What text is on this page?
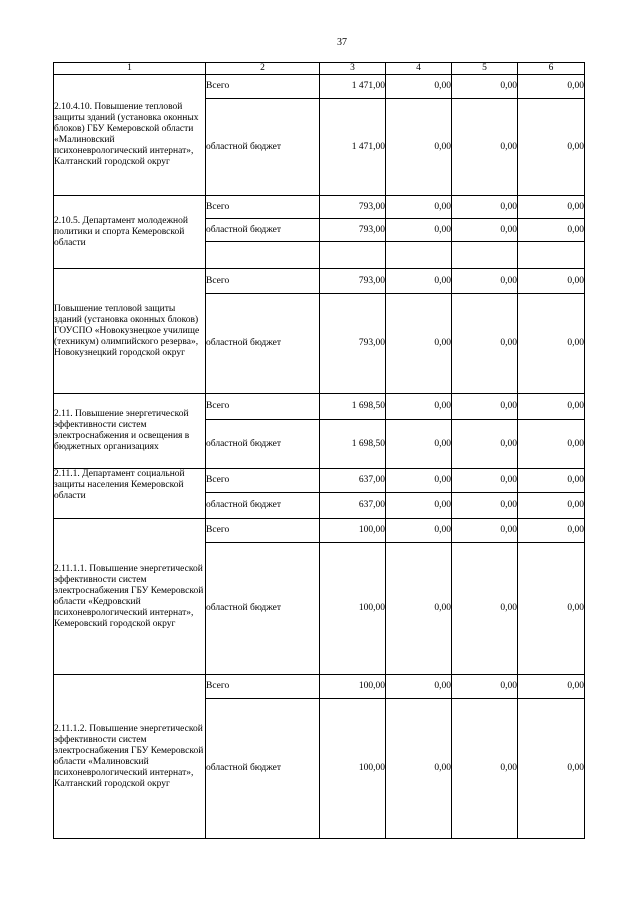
37
1	2	3	4	5	6
2.10.4.10. Повышение тепловой защиты зданий (установка оконных блоков) ГБУ Кемеровской области «Малиновский психоневрологический интернат», Калтанский городской округ	Всего	1 471,00	0,00	0,00	0,00
	областной бюджет	1 471,00	0,00	0,00	0,00
2.10.5. Департамент молодежной политики и спорта Кемеровской области	Всего	793,00	0,00	0,00	0,00
	областной бюджет	793,00	0,00	0,00	0,00

Повышение тепловой защиты зданий (установка оконных блоков) ГОУСПО «Новокузнецкое училище (техникум) олимпийского резерва», Новокузнецкий городской округ	Всего	793,00	0,00	0,00	0,00
	областной бюджет	793,00	0,00	0,00	0,00
2.11. Повышение энергетической эффективности систем электроснабжения и освещения в бюджетных организациях	Всего	1 698,50	0,00	0,00	0,00
	областной бюджет	1 698,50	0,00	0,00	0,00
2.11.1. Департамент социальной защиты населения Кемеровской области	Всего	637,00	0,00	0,00	0,00
	областной бюджет	637,00	0,00	0,00	0,00
2.11.1.1. Повышение энергетической эффективности систем электроснабжения ГБУ Кемеровской области «Кедровский психоневрологический интернат», Кемеровский городской округ	Всего	100,00	0,00	0,00	0,00
	областной бюджет	100,00	0,00	0,00	0,00
2.11.1.2. Повышение энергетической эффективности систем электроснабжения ГБУ Кемеровской области «Малиновский психоневрологический интернат», Калтанский городской округ	Всего	100,00	0,00	0,00	0,00
	областной бюджет	100,00	0,00	0,00	0,00
